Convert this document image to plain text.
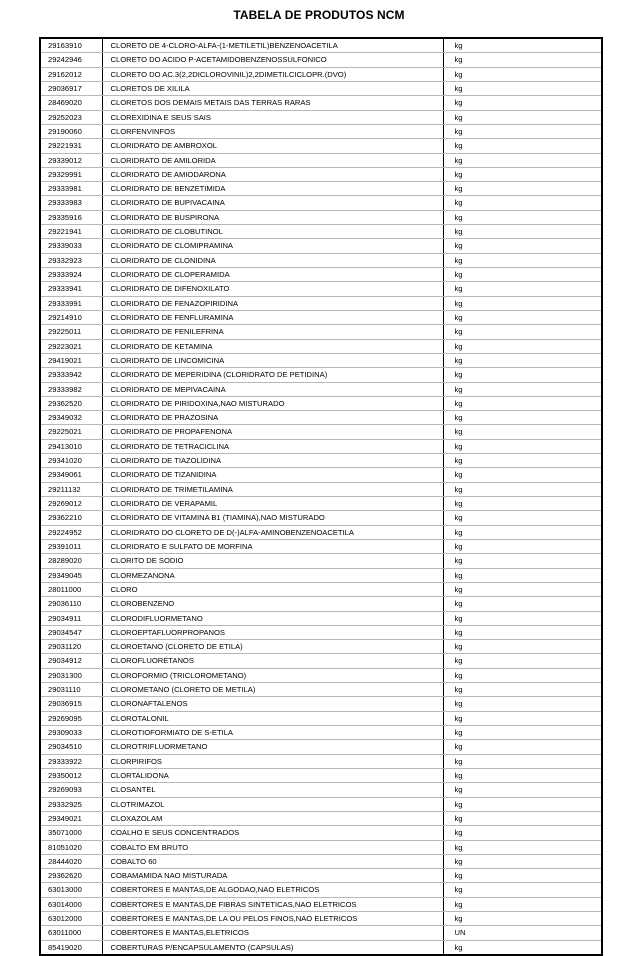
TABELA DE PRODUTOS NCM
29163910	CLORETO DE 4-CLORO-ALFA-(1-METILETIL)BENZENOACETILA	kg
29242946	CLORETO DO ACIDO P-ACETAMIDOBENZENOSSULFONICO	kg
29162012	CLORETO DO AC.3(2,2DICLOROVINIL)2,2DIMETILCICLOPR.(DVO)	kg
29036917	CLORETOS DE XILILA	kg
28469020	CLORETOS DOS DEMAIS METAIS DAS TERRAS RARAS	kg
29252023	CLOREXIDINA E SEUS SAIS	kg
29190060	CLORFENVINFOS	kg
29221931	CLORIDRATO DE AMBROXOL	kg
29339012	CLORIDRATO DE AMILORIDA	kg
29329991	CLORIDRATO DE AMIODARONA	kg
29333981	CLORIDRATO DE BENZETIMIDA	kg
29333983	CLORIDRATO DE BUPIVACAINA	kg
29335916	CLORIDRATO DE BUSPIRONA	kg
29221941	CLORIDRATO DE CLOBUTINOL	kg
29339033	CLORIDRATO DE CLOMIPRAMINA	kg
29332923	CLORIDRATO DE CLONIDINA	kg
29333924	CLORIDRATO DE CLOPERAMIDA	kg
29333941	CLORIDRATO DE DIFENOXILATO	kg
29333991	CLORIDRATO DE FENAZOPIRIDINA	kg
29214910	CLORIDRATO DE FENFLURAMINA	kg
29225011	CLORIDRATO DE FENILEFRINA	kg
29223021	CLORIDRATO DE KETAMINA	kg
29419021	CLORIDRATO DE LINCOMICINA	kg
29333942	CLORIDRATO DE MEPERIDINA (CLORIDRATO DE PETIDINA)	kg
29333982	CLORIDRATO DE MEPIVACAINA	kg
29362520	CLORIDRATO DE PIRIDOXINA,NAO MISTURADO	kg
29349032	CLORIDRATO DE PRAZOSINA	kg
29225021	CLORIDRATO DE PROPAFENONA	kg
29413010	CLORIDRATO DE TETRACICLINA	kg
29341020	CLORIDRATO DE TIAZOLIDINA	kg
29349061	CLORIDRATO DE TIZANIDINA	kg
29211132	CLORIDRATO DE TRIMETILAMINA	kg
29269012	CLORIDRATO DE VERAPAMIL	kg
29362210	CLORIDRATO DE VITAMINA B1 (TIAMINA),NAO MISTURADO	kg
29224952	CLORIDRATO DO CLORETO DE D(-)ALFA-AMINOBENZENOACETILA	kg
29391011	CLORIDRATO E SULFATO DE MORFINA	kg
28289020	CLORITO DE SODIO	kg
29349045	CLORMEZANONA	kg
28011000	CLORO	kg
29036110	CLOROBENZENO	kg
29034911	CLORODIFLUORMETANO	kg
29034547	CLOROEPTAFLUORPROPANOS	kg
29031120	CLOROETANO (CLORETO DE ETILA)	kg
29034912	CLOROFLUORETANOS	kg
29031300	CLOROFORMIO (TRICLOROMETANO)	kg
29031110	CLOROMETANO (CLORETO DE METILA)	kg
29036915	CLORONAFTALENOS	kg
29269095	CLOROTALONIL	kg
29309033	CLOROTIOFORMIATO DE S-ETILA	kg
29034510	CLOROTRIFLUORMETANO	kg
29333922	CLORPIRIFOS	kg
29350012	CLORTALIDONA	kg
29269093	CLOSANTEL	kg
29332925	CLOTRIMAZOL	kg
29349021	CLOXAZOLAM	kg
35071000	COALHO E SEUS CONCENTRADOS	kg
81051020	COBALTO EM BRUTO	kg
28444020	COBALTO 60	kg
29362620	COBAMAMIDA NAO MISTURADA	kg
63013000	COBERTORES E MANTAS,DE ALGODAO,NAO ELETRICOS	kg
63014000	COBERTORES E MANTAS,DE FIBRAS SINTETICAS,NAO ELETRICOS	kg
63012000	COBERTORES E MANTAS,DE LA OU PELOS FINOS,NAO ELETRICOS	kg
63011000	COBERTORES E MANTAS,ELETRICOS	UN
85419020	COBERTURAS P/ENCAPSULAMENTO (CAPSULAS)	kg
